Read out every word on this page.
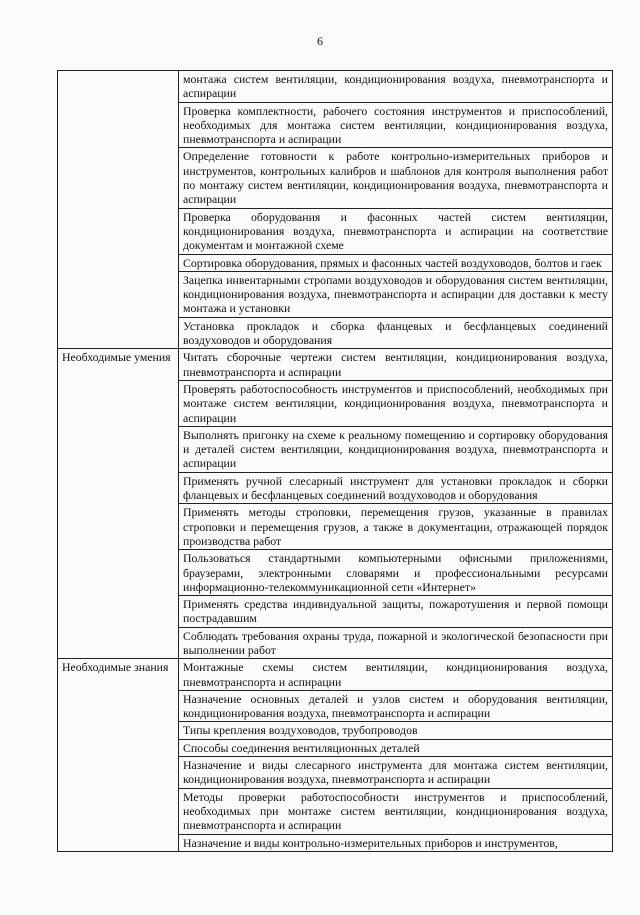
6
	монтажа систем вентиляции, кондиционирования воздуха, пневмотранспорта и аспирации
	Проверка комплектности, рабочего состояния инструментов и приспособлений, необходимых для монтажа систем вентиляции, кондиционирования воздуха, пневмотранспорта и аспирации
	Определение готовности к работе контрольно-измерительных приборов и инструментов, контрольных калибров и шаблонов для контроля выполнения работ по монтажу систем вентиляции, кондиционирования воздуха, пневмотранспорта и аспирации
	Проверка оборудования и фасонных частей систем вентиляции, кондиционирования воздуха, пневмотранспорта и аспирации на соответствие документам и монтажной схеме
	Сортировка оборудования, прямых и фасонных частей воздуховодов, болтов и гаек
	Зацепка инвентарными стропами воздуховодов и оборудования систем вентиляции, кондиционирования воздуха, пневмотранспорта и аспирации для доставки к месту монтажа и установки
	Установка прокладок и сборка фланцевых и бесфланцевых соединений воздуховодов и оборудования
Необходимые умения	Читать сборочные чертежи систем вентиляции, кондиционирования воздуха, пневмотранспорта и аспирации
	Проверять работоспособность инструментов и приспособлений, необходимых при монтаже систем вентиляции, кондиционирования воздуха, пневмотранспорта и аспирации
	Выполнять пригонку на схеме к реальному помещению и сортировку оборудования и деталей систем вентиляции, кондиционирования воздуха, пневмотранспорта и аспирации
	Применять ручной слесарный инструмент для установки прокладок и сборки фланцевых и бесфланцевых соединений воздуховодов и оборудования
	Применять методы строповки, перемещения грузов, указанные в правилах строповки и перемещения грузов, а также в документации, отражающей порядок производства работ
	Пользоваться стандартными компьютерными офисными приложениями, браузерами, электронными словарями и профессиональными ресурсами информационно-телекоммуникационной сети «Интернет»
	Применять средства индивидуальной защиты, пожаротушения и первой помощи пострадавшим
	Соблюдать требования охраны труда, пожарной и экологической безопасности при выполнении работ
Необходимые знания	Монтажные схемы систем вентиляции, кондиционирования воздуха, пневмотранспорта и аспирации
	Назначение основных деталей и узлов систем и оборудования вентиляции, кондиционирования воздуха, пневмотранспорта и аспирации
	Типы крепления воздуховодов, трубопроводов
	Способы соединения вентиляционных деталей
	Назначение и виды слесарного инструмента для монтажа систем вентиляции, кондиционирования воздуха, пневмотранспорта и аспирации
	Методы проверки работоспособности инструментов и приспособлений, необходимых при монтаже систем вентиляции, кондиционирования воздуха, пневмотранспорта и аспирации
	Назначение и виды контрольно-измерительных приборов и инструментов,
